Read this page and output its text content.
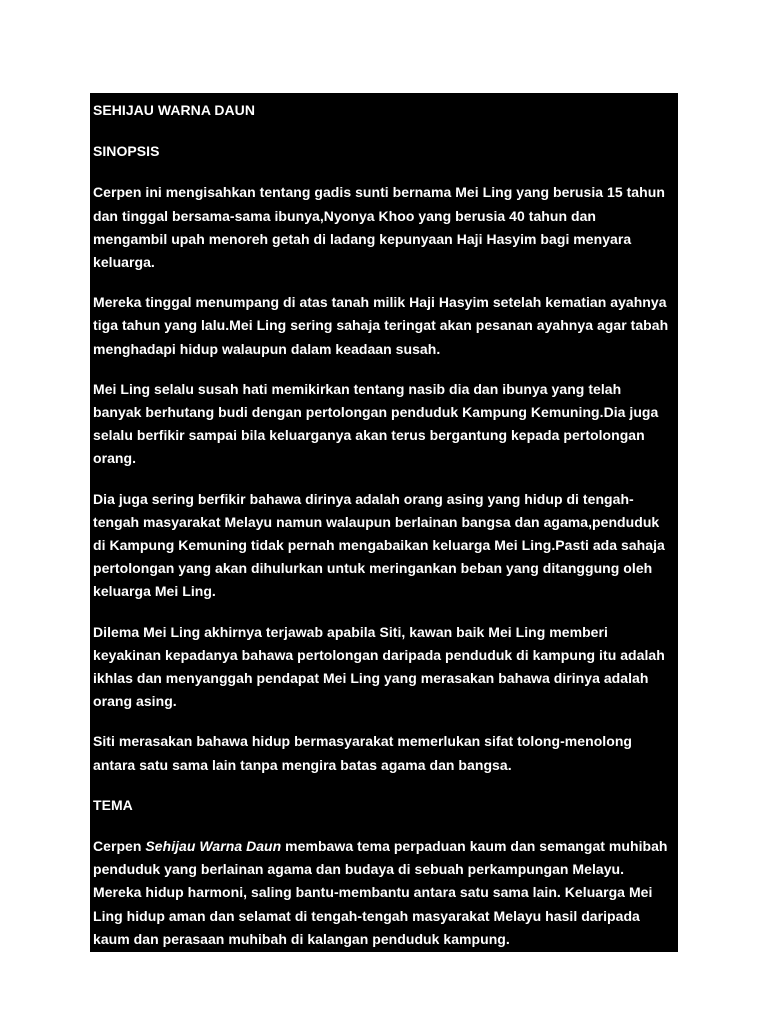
SEHIJAU WARNA DAUN

SINOPSIS

Cerpen ini mengisahkan tentang gadis sunti bernama Mei Ling yang berusia 15 tahun
dan tinggal bersama-sama ibunya,Nyonya Khoo yang berusia 40 tahun dan
mengambil upah menoreh getah di ladang kepunyaan Haji Hasyim bagi menyara
keluarga.

Mereka tinggal menumpang di atas tanah milik Haji Hasyim setelah kematian ayahnya
tiga tahun yang lalu.Mei Ling sering sahaja teringat akan pesanan ayahnya agar tabah
menghadapi hidup walaupun dalam keadaan susah.

Mei Ling selalu susah hati memikirkan tentang nasib dia dan ibunya yang telah
banyak berhutang budi dengan pertolongan penduduk Kampung Kemuning.Dia juga
selalu berfikir sampai bila keluarganya akan terus bergantung kepada pertolongan
orang.

Dia juga sering berfikir bahawa dirinya adalah orang asing yang hidup di tengah-
tengah masyarakat Melayu namun walaupun berlainan bangsa dan agama,penduduk
di Kampung Kemuning tidak pernah mengabaikan keluarga Mei Ling.Pasti ada sahaja
pertolongan yang akan dihulurkan untuk meringankan beban yang ditanggung oleh
keluarga Mei Ling.

Dilema Mei Ling akhirnya terjawab apabila Siti, kawan baik Mei Ling memberi
keyakinan kepadanya bahawa pertolongan daripada penduduk di kampung itu adalah
ikhlas dan menyanggah pendapat Mei Ling yang merasakan bahawa dirinya adalah
orang asing.

Siti merasakan bahawa hidup bermasyarakat memerlukan sifat tolong-menolong
antara satu sama lain tanpa mengira batas agama dan bangsa.

TEMA

Cerpen Sehijau Warna Daun membawa tema perpaduan kaum dan semangat muhibah
penduduk yang berlainan agama dan budaya di sebuah perkampungan Melayu.
Mereka hidup harmoni, saling bantu-membantu antara satu sama lain. Keluarga Mei
Ling hidup aman dan selamat di tengah-tengah masyarakat Melayu hasil daripada
kaum dan perasaan muhibah di kalangan penduduk kampung.
